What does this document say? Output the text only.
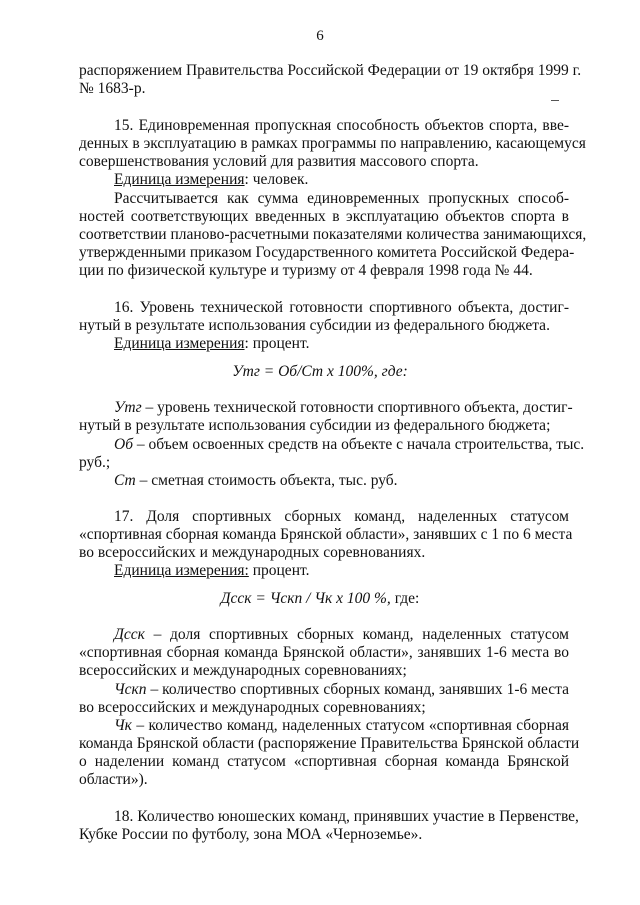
6
распоряжением Правительства Российской Федерации от 19 октября 1999 г.
№ 1683-р.
15. Единовременная пропускная способность объектов спорта, вве-
денных в эксплуатацию в рамках программы по направлению, касающемуся
совершенствования условий для развития массового спорта.
Единица измерения: человек.
Рассчитывается как сумма единовременных пропускных способ-
ностей соответствующих введенных в эксплуатацию объектов спорта в
соответствии планово-расчетными показателями количества занимающихся,
утвержденными приказом Государственного комитета Российской Федера-
ции по физической культуре и туризму от 4 февраля 1998 года № 44.
16. Уровень технической готовности спортивного объекта, достиг-
нутый в результате использования субсидии из федерального бюджета.
Единица измерения: процент.
Утг = Об/Ст х 100%, где:
Утг – уровень технической готовности спортивного объекта, достиг-
нутый в результате использования субсидии из федерального бюджета;
Об – объем освоенных средств на объекте с начала строительства, тыс.
руб.;
Ст – сметная стоимость объекта, тыс. руб.
17. Доля спортивных сборных команд, наделенных статусом
«спортивная сборная команда Брянской области», занявших с 1 по 6 места
во всероссийских и международных соревнованиях.
Единица измерения: процент.
Дсск = Чскп / Чк х 100 %, где:
Дсск – доля спортивных сборных команд, наделенных статусом
«спортивная сборная команда Брянской области», занявших 1-6 места во
всероссийских и международных соревнованиях;
Чскп – количество спортивных сборных команд, занявших 1-6 места
во всероссийских и международных соревнованиях;
Чк – количество команд, наделенных статусом «спортивная сборная
команда Брянской области (распоряжение Правительства Брянской области
о наделении команд статусом «спортивная сборная команда Брянской
области»).
18. Количество юношеских команд, принявших участие в Первенстве,
Кубке России по футболу, зона МОА «Черноземье».
